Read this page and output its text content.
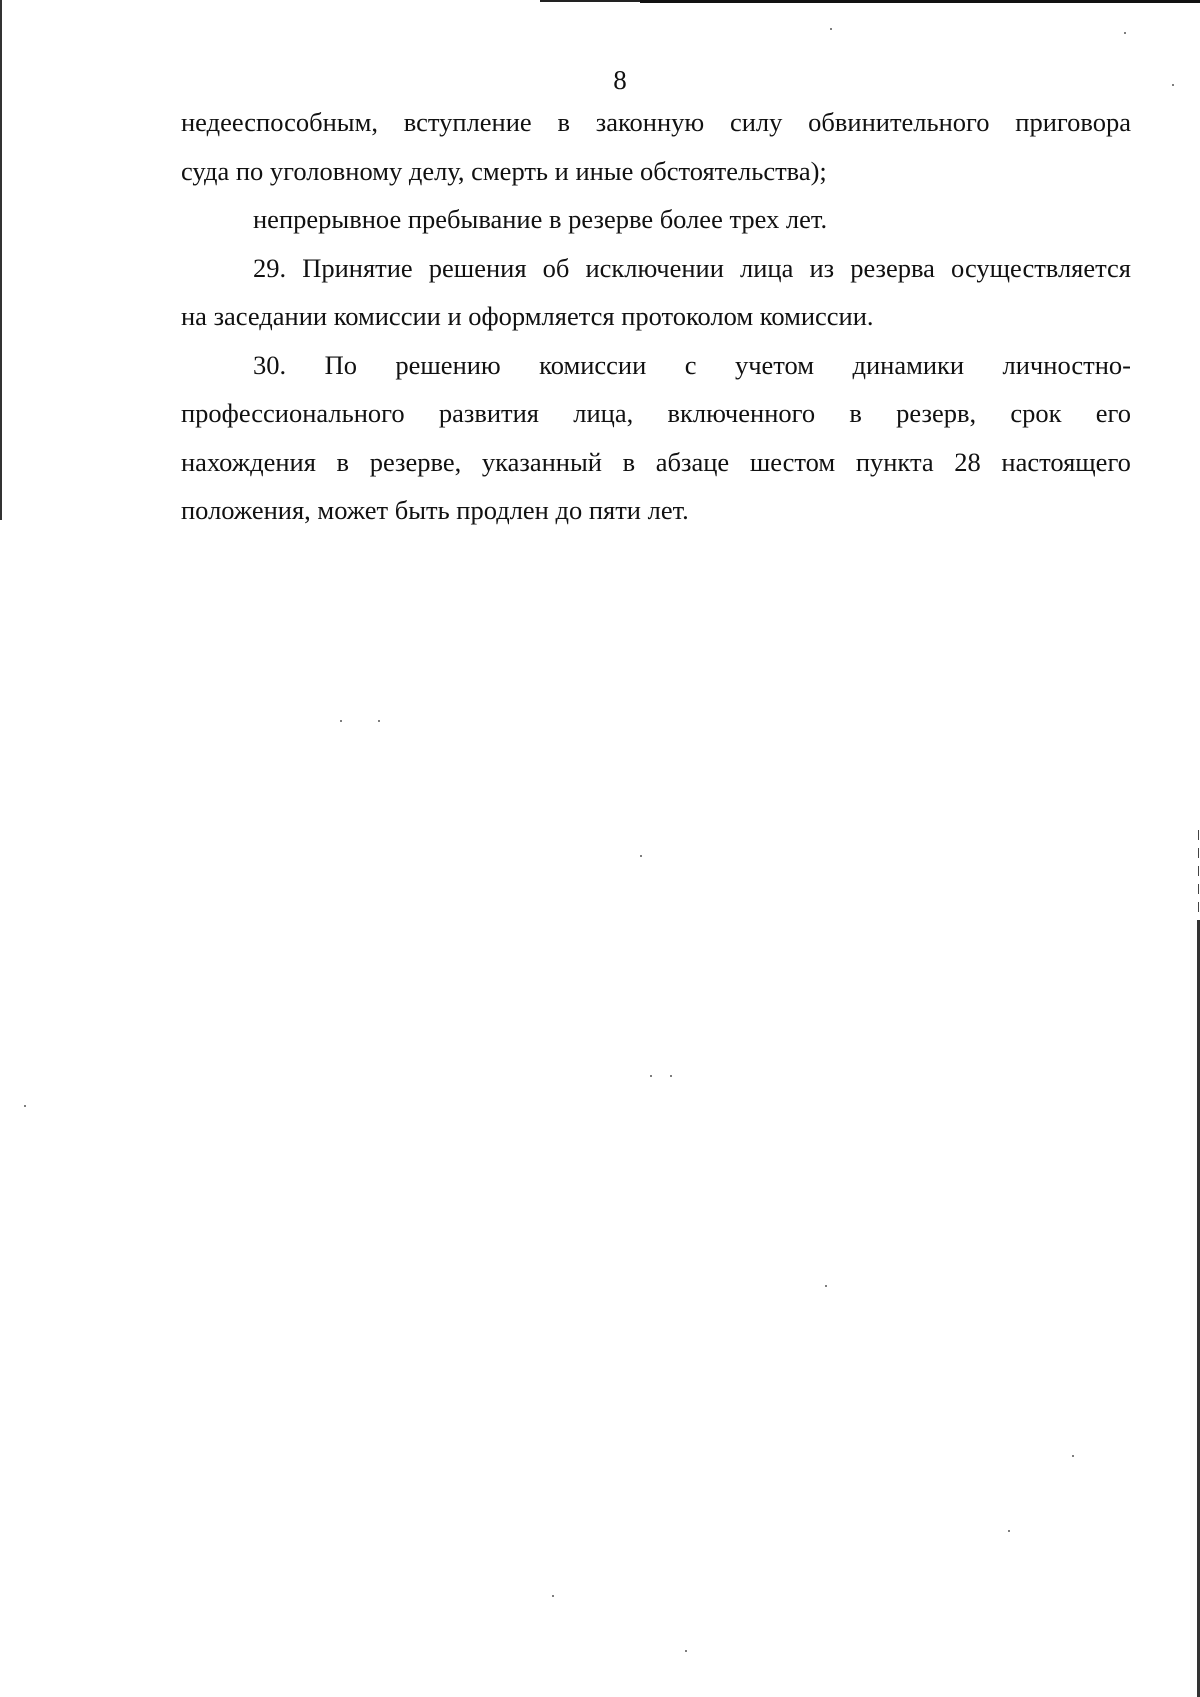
8
недееспособным, вступление в законную силу обвинительного приговора
суда по уголовному делу, смерть и иные обстоятельства);
непрерывное пребывание в резерве более трех лет.
29. Принятие решения об исключении лица из резерва осуществляется
на заседании комиссии и оформляется протоколом комиссии.
30. По решению комиссии с учетом динамики личностно-
профессионального развития лица, включенного в резерв, срок его
нахождения в резерве, указанный в абзаце шестом пункта 28 настоящего
положения, может быть продлен до пяти лет.
